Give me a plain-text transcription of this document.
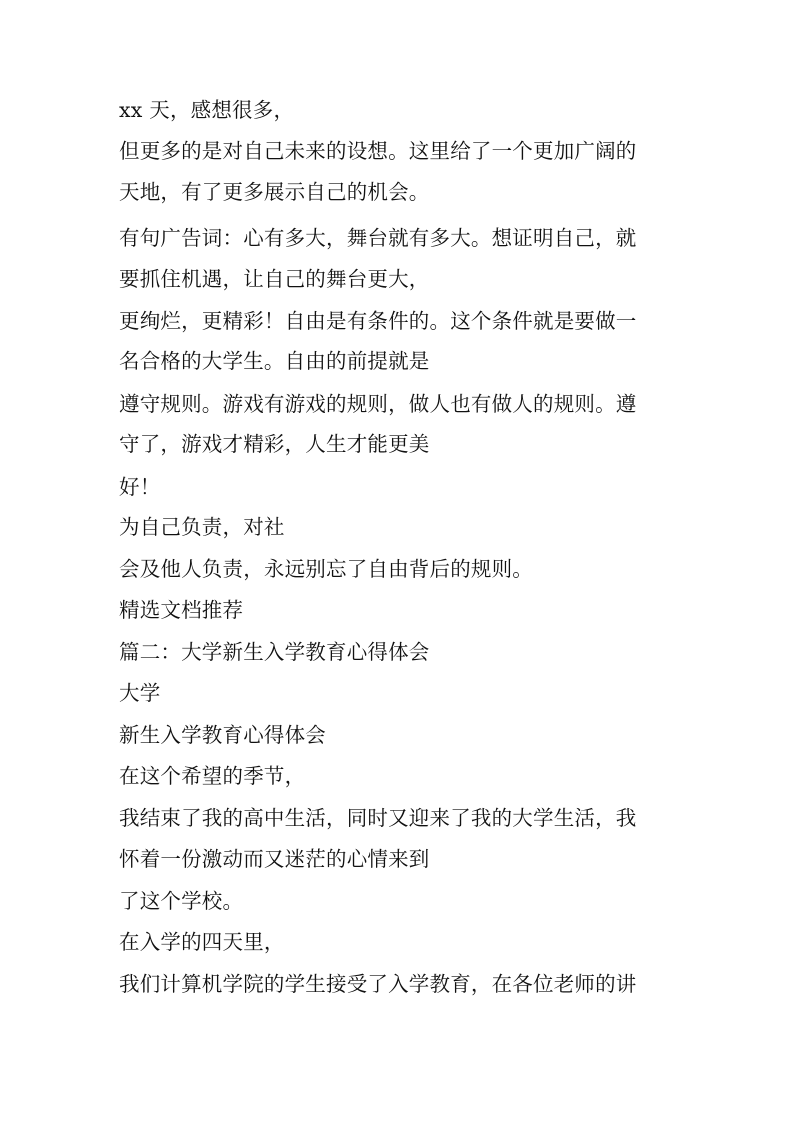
xx 天，感想很多，
但更多的是对自己未来的设想。这里给了一个更加广阔的
天地，有了更多展示自己的机会。
有句广告词：心有多大，舞台就有多大。想证明自己，就
要抓住机遇，让自己的舞台更大，
更绚烂，更精彩！自由是有条件的。这个条件就是要做一
名合格的大学生。自由的前提就是
遵守规则。游戏有游戏的规则，做人也有做人的规则。遵
守了，游戏才精彩，人生才能更美
好！
为自己负责，对社
会及他人负责，永远别忘了自由背后的规则。
精选文档推荐
篇二：大学新生入学教育心得体会
大学
新生入学教育心得体会
在这个希望的季节，
我结束了我的高中生活，同时又迎来了我的大学生活，我
怀着一份激动而又迷茫的心情来到
了这个学校。
在入学的四天里，
我们计算机学院的学生接受了入学教育，在各位老师的讲
